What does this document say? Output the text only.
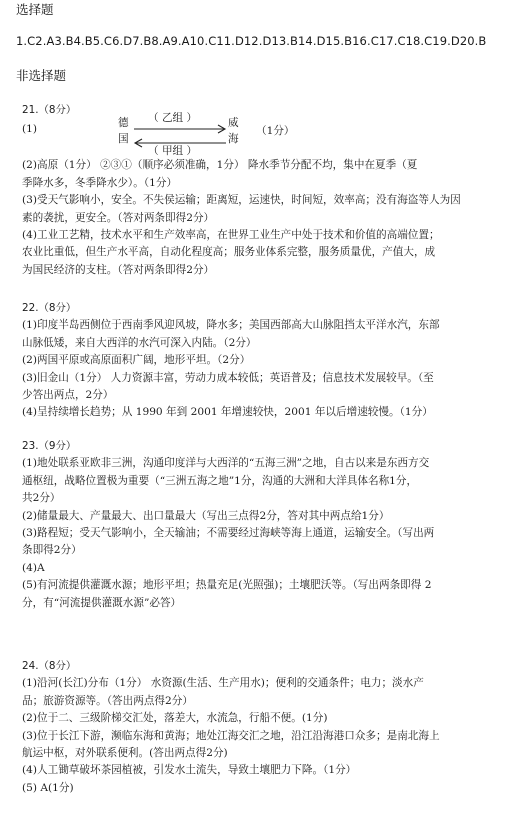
选择题
1.C2.A3.B4.B5.C6.D7.B8.A9.A10.C11.D12.D13.B14.D15.B16.C17.C18.C19.D20.B
非选择题
21.（8分）
(1)	德
国
威
海
（ 乙组 ）
（ 甲组 ）
（1分）
(2)高原（1分） ②③①（顺序必须准确，1分） 降水季节分配不均，集中在夏季（夏
季降水多，冬季降水少）。（1分）
(3)受天气影响小，安全。不失侯运输；距离短，运速快，时间短，效率高；没有海盗等人为因
素的袭扰，更安全。（答对两条即得2分）
(4)工业工艺精，技术水平和生产效率高，在世界工业生产中处于技术和价值的高端位置；
农业比重低，但生产水平高，自动化程度高；服务业体系完整，服务质量优，产值大，成
为国民经济的支柱。（答对两条即得2分）
22.（8分）
(1)印度半岛西侧位于西南季风迎风坡，降水多；美国西部高大山脉阻挡太平洋水汽，东部
山脉低矮，来自大西洋的水汽可深入内陆。（2分）
(2)两国平原或高原面积广阔，地形平坦。（2分）
(3)旧金山（1分） 人力资源丰富，劳动力成本较低；英语普及；信息技术发展较早。（至
少答出两点，2分）
(4)呈持续增长趋势；从 1990 年到 2001 年增速较快，2001 年以后增速较慢。（1分）
23.（9分）
(1)地处联系亚欧非三洲，沟通印度洋与大西洋的“五海三洲”之地，自古以来是东西方交
通枢纽，战略位置极为重要（“三洲五海之地”1分，沟通的大洲和大洋具体名称1分，
共2分）
(2)储量最大、产量最大、出口量最大（写出三点得2分，答对其中两点给1分）
(3)路程短；受天气影响小，全天输油；不需要经过海峡等海上通道，运输安全。（写出两
条即得2分）
(4)A
(5)有河流提供灌溉水源；地形平坦；热量充足(光照强)；土壤肥沃等。（写出两条即得 2
分，有“河流提供灌溉水源”必答）
24.（8分）
(1)沿河(长江)分布（1分） 水资源(生活、生产用水)；便利的交通条件；电力；淡水产
品；旅游资源等。（答出两点得2分）
(2)位于二、三级阶梯交汇处，落差大，水流急，行船不便。(1分)
(3)位于长江下游，濒临东海和黄海；地处江海交汇之地，沿江沿海港口众多；是南北海上
航运中枢，对外联系便利。(答出两点得2分)
(4)人工锄草破坏茶园植被，引发水土流失，导致土壤肥力下降。（1分）
(5) A(1分)
